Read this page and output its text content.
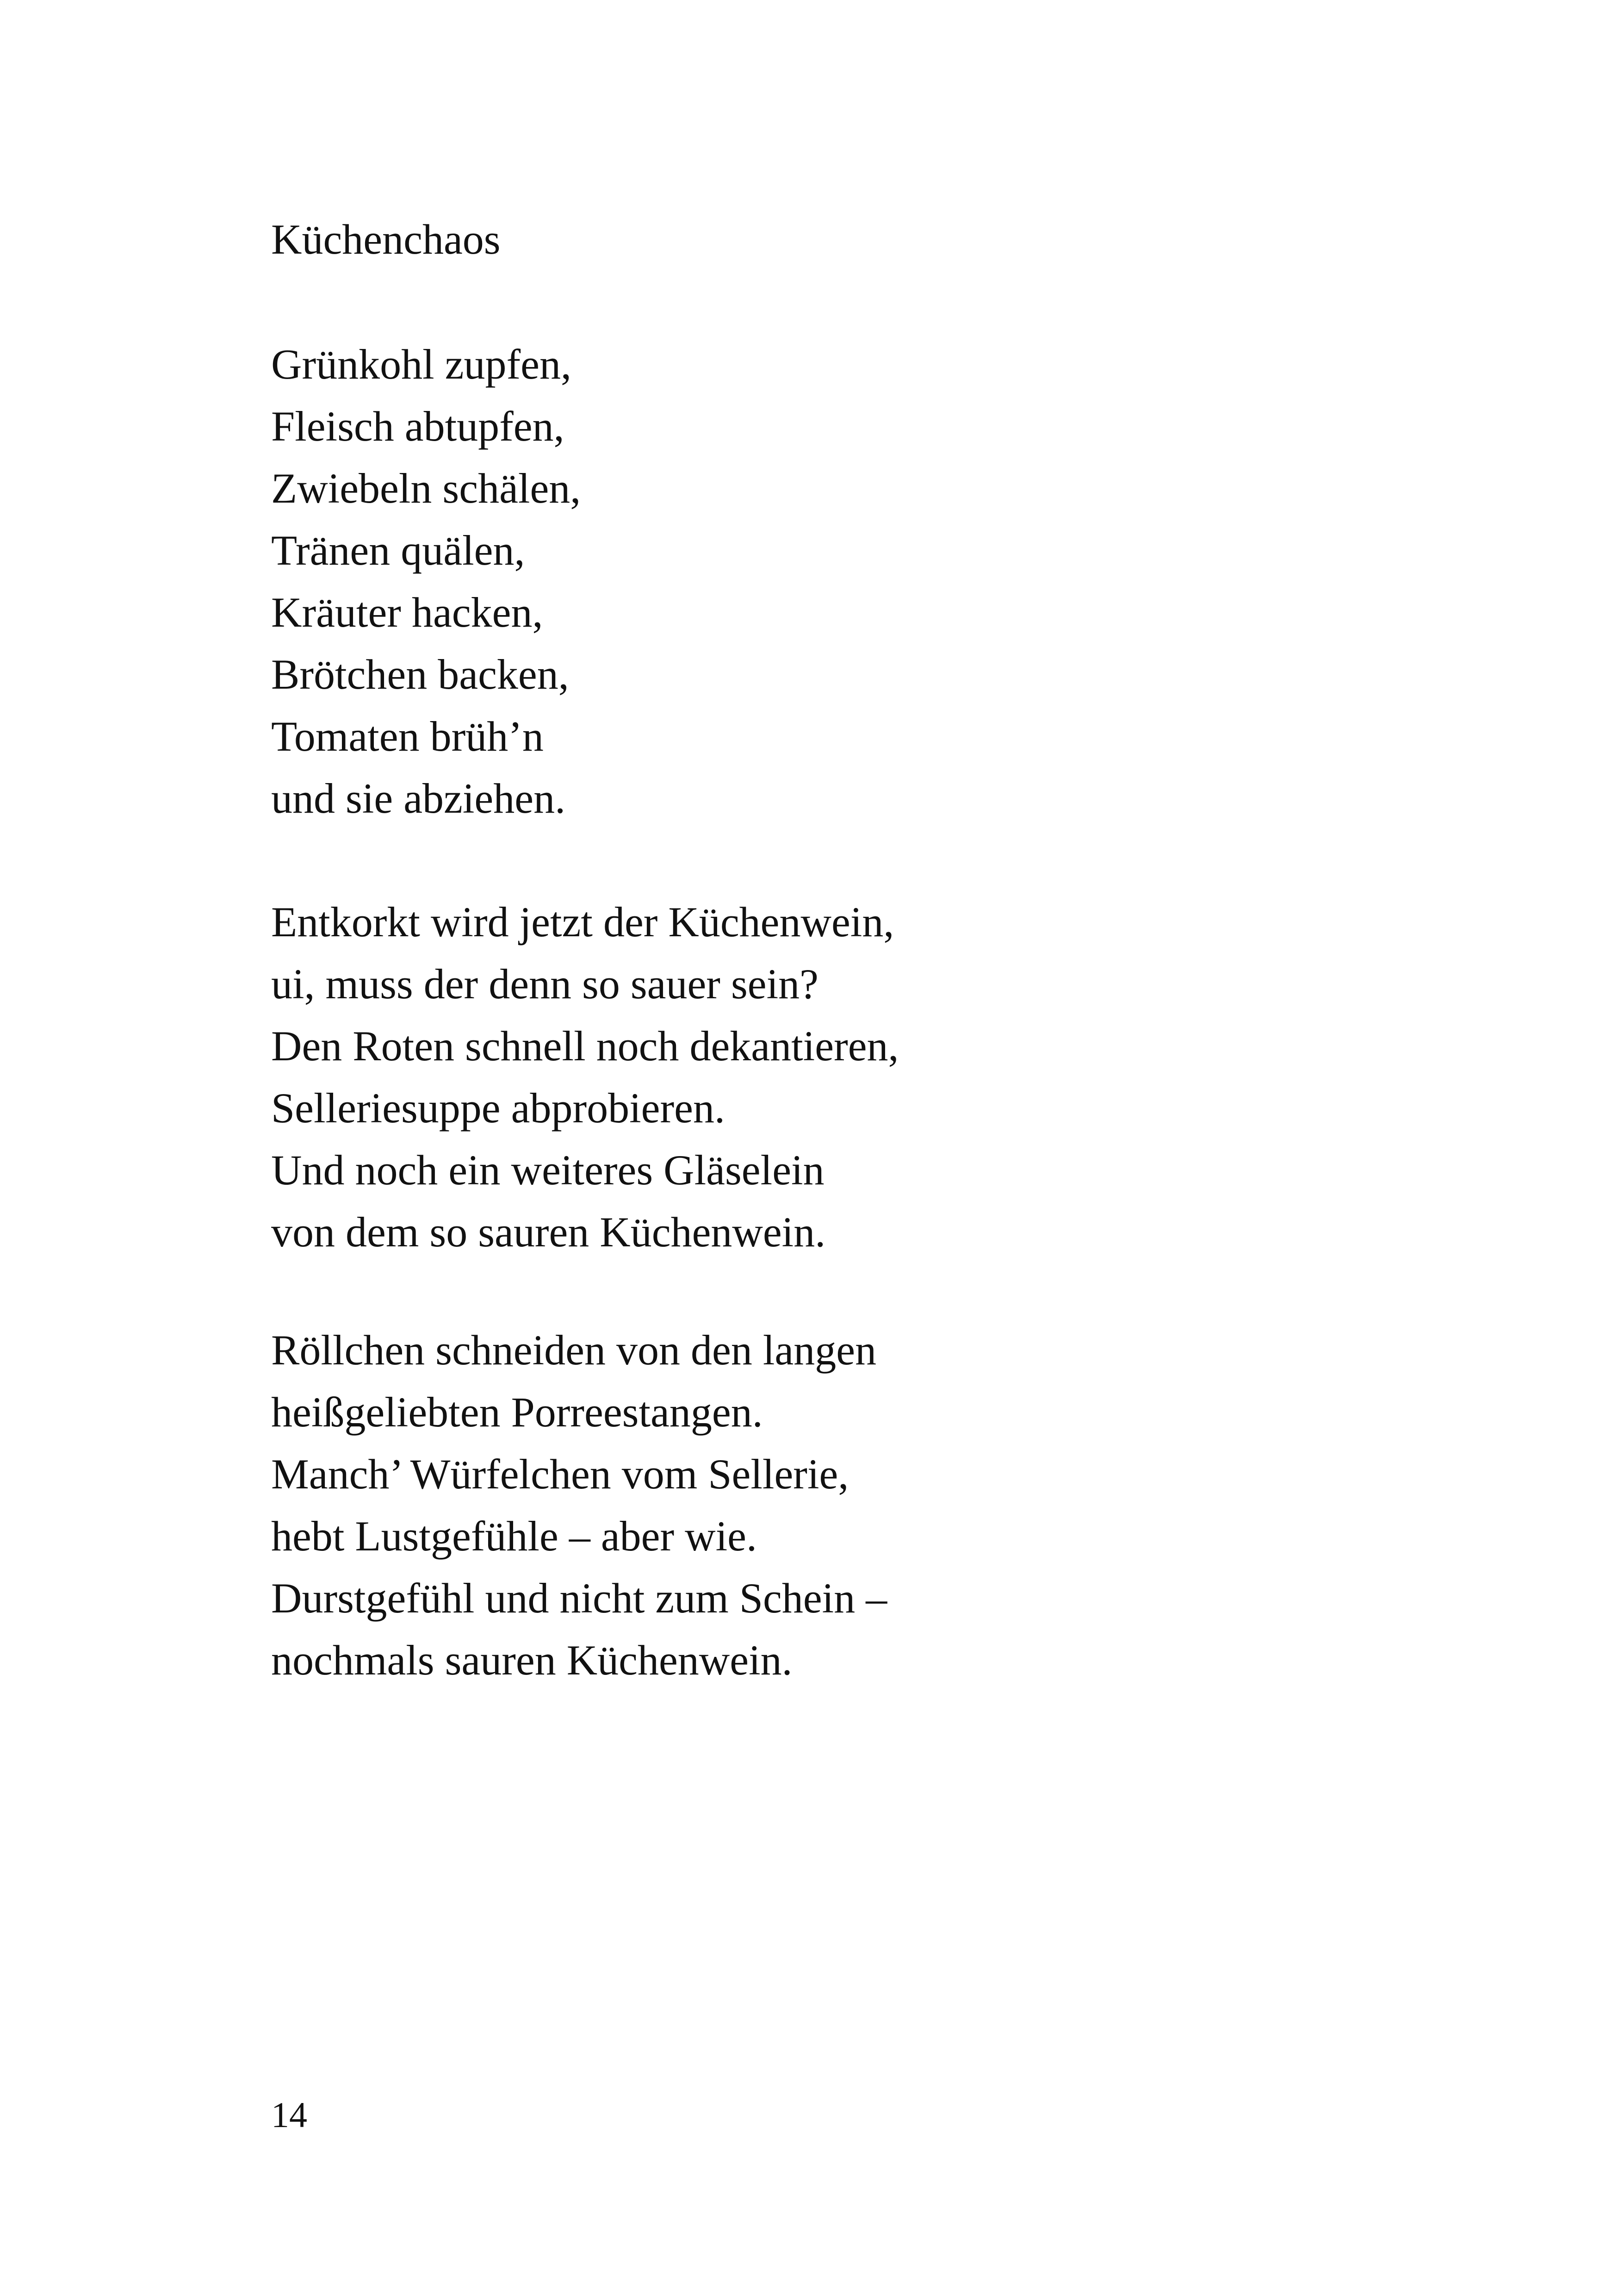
Küchenchaos
Grünkohl zupfen,
Fleisch abtupfen,
Zwiebeln schälen,
Tränen quälen,
Kräuter hacken,
Brötchen backen,
Tomaten brüh’n
und sie abziehen.
Entkorkt wird jetzt der Küchenwein,
ui, muss der denn so sauer sein?
Den Roten schnell noch dekantieren,
Selleriesuppe abprobieren.
Und noch ein weiteres Gläselein
von dem so sauren Küchenwein.
Röllchen schneiden von den langen
heißgeliebten Porreestangen.
Manch’ Würfelchen vom Sellerie,
hebt Lustgefühle – aber wie.
Durstgefühl und nicht zum Schein –
nochmals sauren Küchenwein.
14
